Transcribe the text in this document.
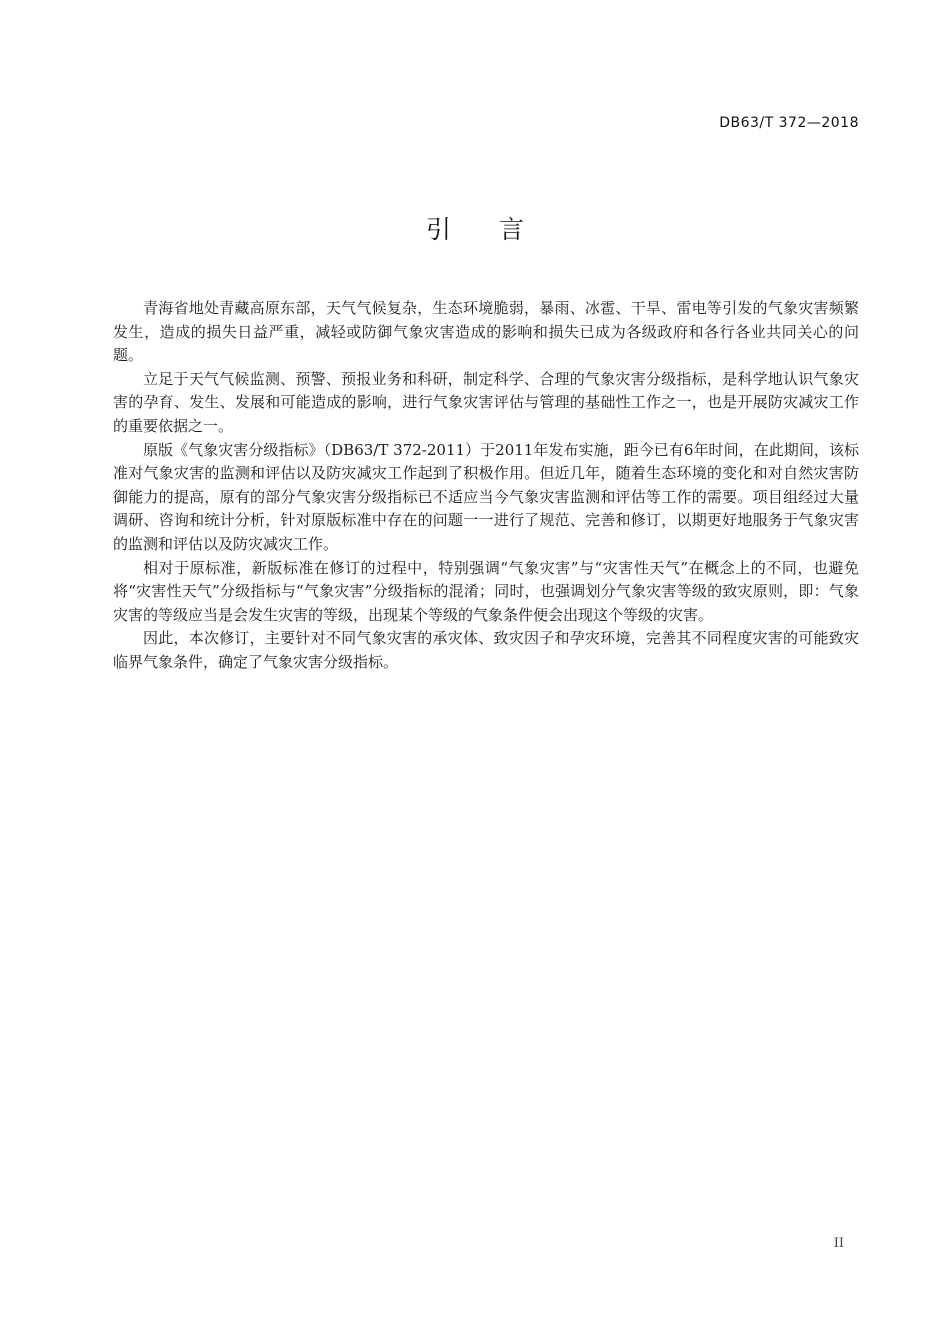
DB63/T 372—2018
引言

青海省地处青藏高原东部，天气气候复杂，生态环境脆弱，暴雨、冰雹、干旱、雷电等引发的气象灾害频繁发生，造成的损失日益严重，减轻或防御气象灾害造成的影响和损失已成为各级政府和各行各业共同关心的问题。

立足于天气气候监测、预警、预报业务和科研，制定科学、合理的气象灾害分级指标，是科学地认识气象灾害的孕育、发生、发展和可能造成的影响，进行气象灾害评估与管理的基础性工作之一，也是开展防灾减灾工作的重要依据之一。

原版《气象灾害分级指标》（DB63/T 372-2011）于2011年发布实施，距今已有6年时间，在此期间，该标准对气象灾害的监测和评估以及防灾减灾工作起到了积极作用。但近几年，随着生态环境的变化和对自然灾害防御能力的提高，原有的部分气象灾害分级指标已不适应当今气象灾害监测和评估等工作的需要。项目组经过大量调研、咨询和统计分析，针对原版标准中存在的问题一一进行了规范、完善和修订，以期更好地服务于气象灾害的监测和评估以及防灾减灾工作。

相对于原标准，新版标准在修订的过程中，特别强调“气象灾害”与“灾害性天气”在概念上的不同，也避免将“灾害性天气”分级指标与“气象灾害”分级指标的混淆；同时，也强调划分气象灾害等级的致灾原则，即：气象灾害的等级应当是会发生灾害的等级，出现某个等级的气象条件便会出现这个等级的灾害。

因此，本次修订，主要针对不同气象灾害的承灾体、致灾因子和孕灾环境，完善其不同程度灾害的可能致灾临界气象条件，确定了气象灾害分级指标。

II
